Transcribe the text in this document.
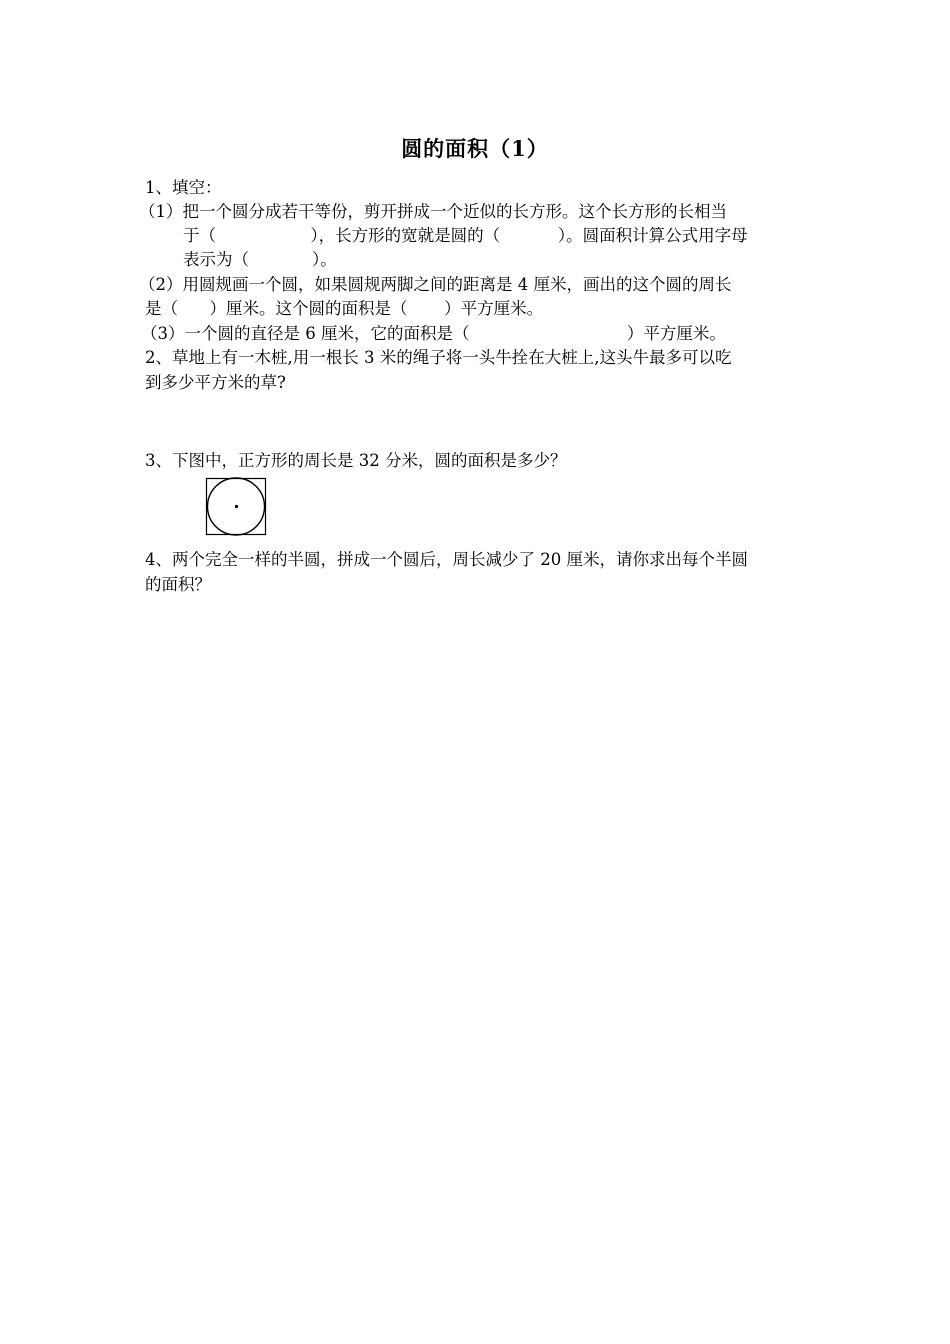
圆的面积（1）
1、填空：
（1）把一个圆分成若干等份，剪开拼成一个近似的长方形。这个长方形的长相当
于（                  ），长方形的宽就是圆的（           ）。圆面积计算公式用字母
表示为（            ）。
（2）用圆规画一个圆，如果圆规两脚之间的距离是 4 厘米，画出的这个圆的周长
是（      ）厘米。这个圆的面积是（       ）平方厘米。
（3）一个圆的直径是 6 厘米，它的面积是（                              ）平方厘米。
2、草地上有一木桩,用一根长 3 米的绳子将一头牛拴在大桩上,这头牛最多可以吃
到多少平方米的草?
3、下图中，正方形的周长是 32 分米，圆的面积是多少？
4、两个完全一样的半圆，拼成一个圆后，周长减少了 20 厘米，请你求出每个半圆
的面积？
